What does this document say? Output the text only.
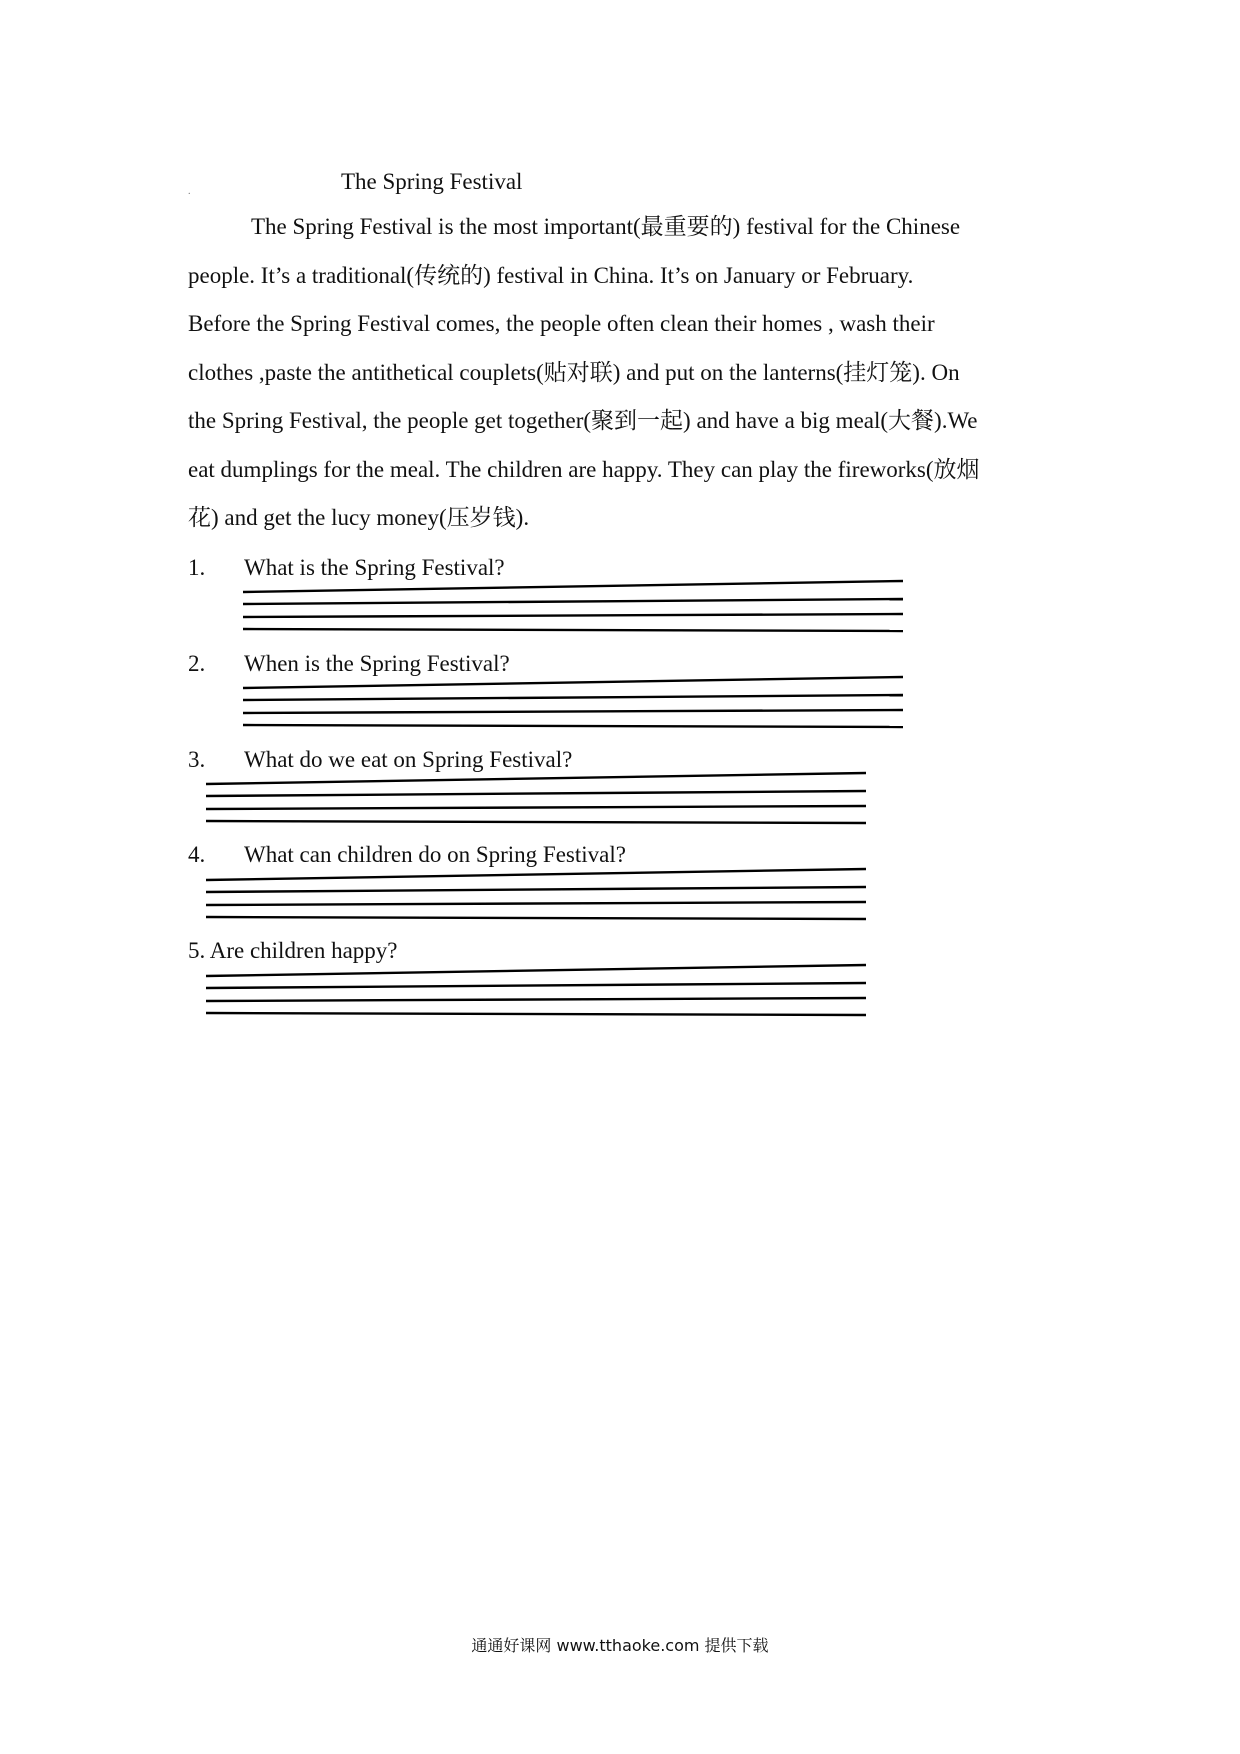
.	The Spring Festival
The Spring Festival is the most important(最重要的) festival for the Chinese
people. It’s a traditional(传统的) festival in China. It’s on January or February.
Before the Spring Festival comes, the people often clean their homes , wash their
clothes ,paste the antithetical couplets(贴对联) and put on the lanterns(挂灯笼). On
the Spring Festival, the people get together(聚到一起) and have a big meal(大餐).We
eat dumplings for the meal. The children are happy. They can play the fireworks(放烟
花) and get the lucy money(压岁钱).
1. What is the Spring Festival?
2. When is the Spring Festival?
3. What do we eat on Spring Festival?
4. What can children do on Spring Festival?
5. Are children happy?
通通好课网 www.tthaoke.com 提供下载
